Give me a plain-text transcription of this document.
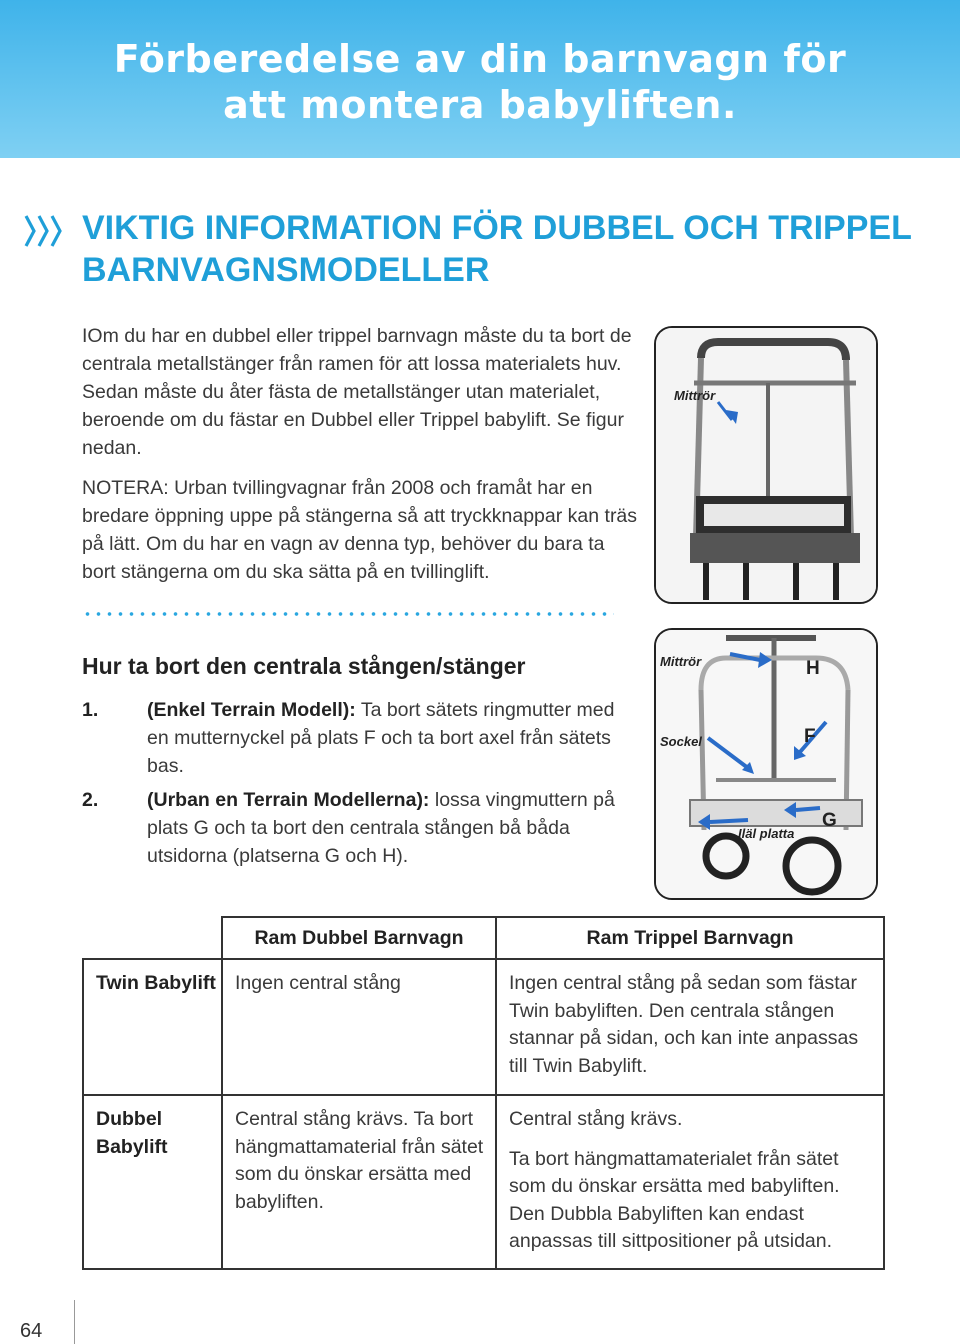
Förberedelse av din barnvagn för
att montera babyliften.
VIKTIG INFORMATION FÖR DUBBEL OCH TRIPPEL
BARNVAGNSMODELLER

IOm du har en dubbel eller trippel barnvagn måste du ta bort de centrala metallstänger från ramen för att lossa materialets huv. Sedan måste du åter fästa de metallstänger utan materialet, beroende om du fästar en Dubbel eller Trippel babylift. Se figur nedan.

NOTERA: Urban tvillingvagnar från 2008 och framåt har en bredare öppning uppe på stängerna så att tryckknappar kan träs på lätt. Om du har en vagn av denna typ, behöver du bara ta bort stängerna om du ska sätta på en tvillinglift.

Hur ta bort den centrala stången/stänger
1. (Enkel Terrain Modell): Ta bort sätets ringmutter med en mutternyckel på plats F och ta bort axel från sätets bas.
2. (Urban en Terrain Modellerna): lossa vingmuttern på plats G och ta bort den centrala stången bå båda utsidorna (platserna G och H).
Mittrör
Mittrör
Sockel
Iläl platta
H
F
G
	Ram Dubbel Barnvagn	Ram Trippel Barnvagn
Twin Babylift	Ingen central stång	Ingen central stång på sedan som fästar Twin babyliften. Den centrala stången stannar på sidan, och kan inte anpassas till Twin Babylift.
Dubbel Babylift	Central stång krävs. Ta bort hängmattamaterial från sätet som du önskar ersätta med babyliften.	Central stång krävs.
Ta bort hängmattamaterialet från sätet som du önskar ersätta med babyliften. Den Dubbla Babyliften kan endast anpassas till sittpositioner på utsidan.
64
